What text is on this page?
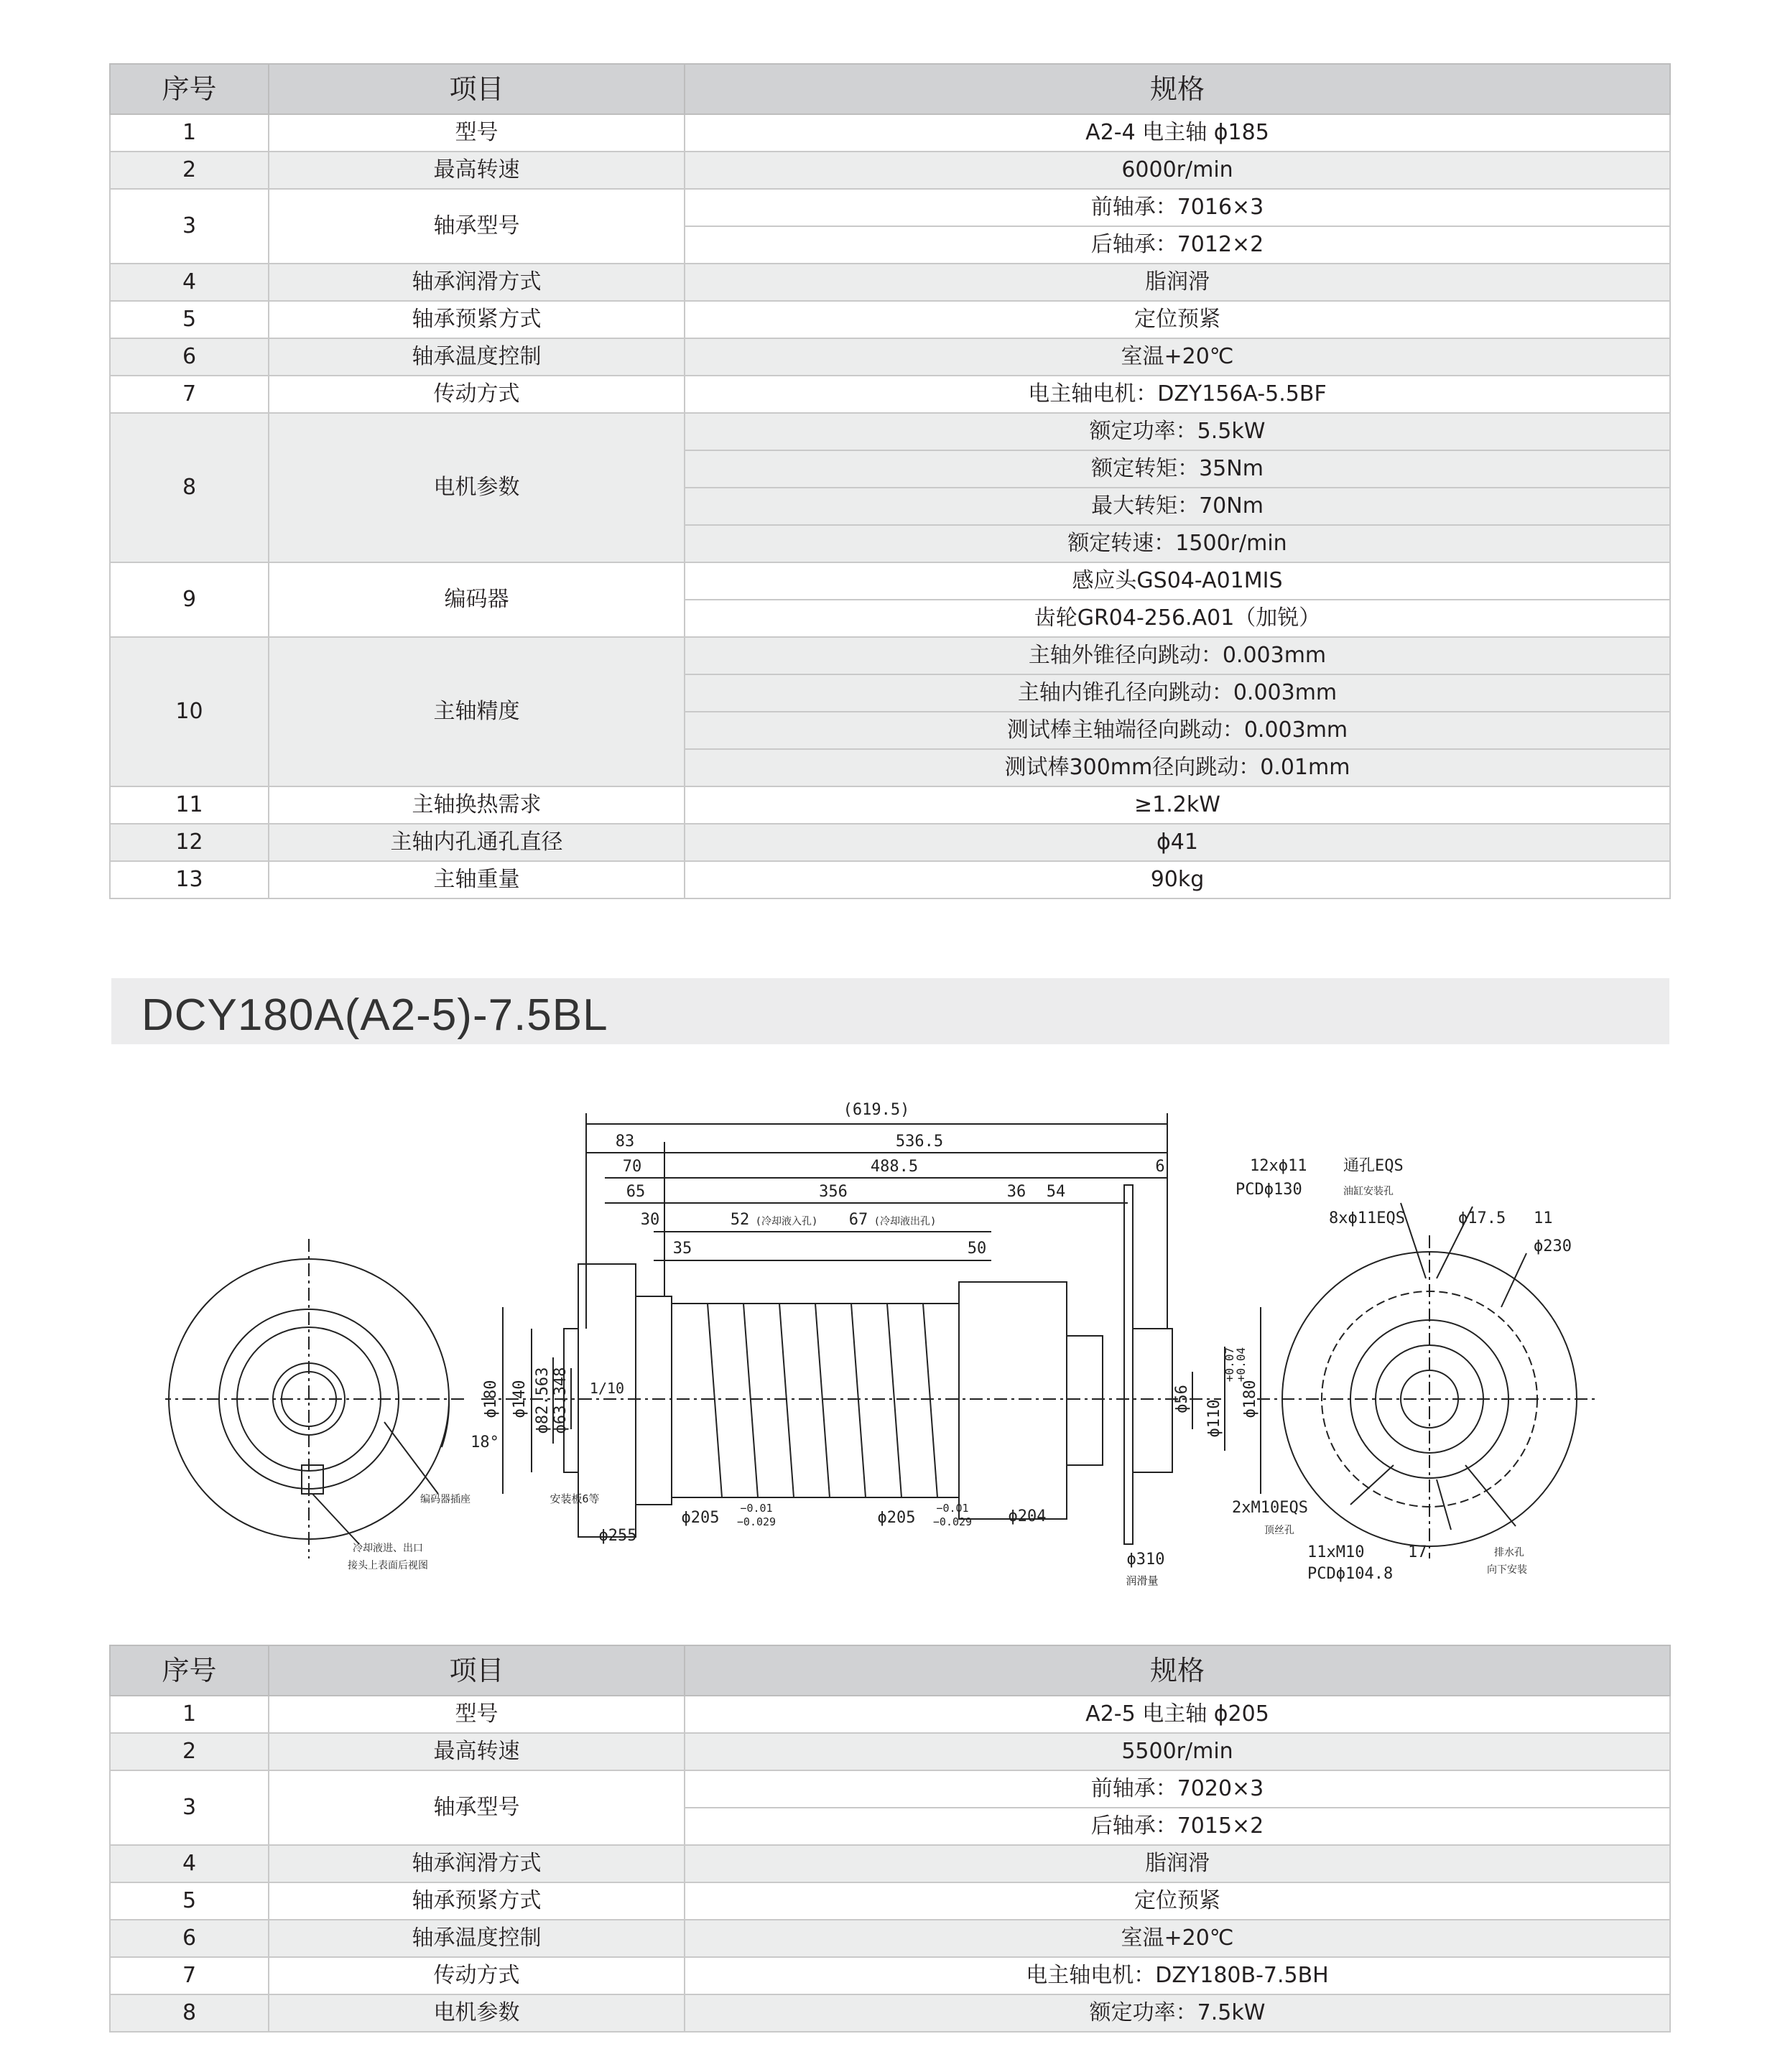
序号	项目	规格
1	型号	A2-4 电主轴 ϕ185
2	最高转速	6000r/min
3	轴承型号	前轴承：7016×3
		后轴承：7012×2
4	轴承润滑方式	脂润滑
5	轴承预紧方式	定位预紧
6	轴承温度控制	室温+20℃
7	传动方式	电主轴电机：DZY156A-5.5BF
8	电机参数	额定功率：5.5kW
		额定转矩：35Nm
		最大转矩：70Nm
		额定转速：1500r/min
9	编码器	感应头GS04-A01MIS
		齿轮GR04-256.A01（加锐）
10	主轴精度	主轴外锥径向跳动：0.003mm
		主轴内锥孔径向跳动：0.003mm
		测试棒主轴端径向跳动：0.003mm
		测试棒300mm径向跳动：0.01mm
11	主轴换热需求	≥1.2kW
12	主轴内孔通孔直径	ϕ41
13	主轴重量	90kg
DCY180A(A2-5)-7.5BL
(619.5)
83	536.5
70	488.5	6
65	356	36 54
30	52 (冷却液入孔) 67 (冷却液出孔)
35	50
ϕ180 ϕ140 ϕ82.563 ϕ63.348 1/10
18°
ϕ56
ϕ110
+0.07
+0.04
ϕ180
安装板6等
ϕ255
ϕ205
−0.01
−0.029	ϕ205
−0.01
−0.029 ϕ204
ϕ310
润滑量
12xϕ11 通孔EQS
PCDϕ130	油缸安装孔
8xϕ11EQS	ϕ17.5 11
ϕ230
2xM10EQS
顶丝孔
11xM10	17
PCDϕ104.8
排水孔
向下安装
编码器插座
冷却液进、出口
接头上表面后视图
序号	项目	规格
1	型号	A2-5 电主轴 ϕ205
2	最高转速	5500r/min
3	轴承型号	前轴承：7020×3
		后轴承：7015×2
4	轴承润滑方式	脂润滑
5	轴承预紧方式	定位预紧
6	轴承温度控制	室温+20℃
7	传动方式	电主轴电机：DZY180B-7.5BH
8	电机参数	额定功率：7.5kW
